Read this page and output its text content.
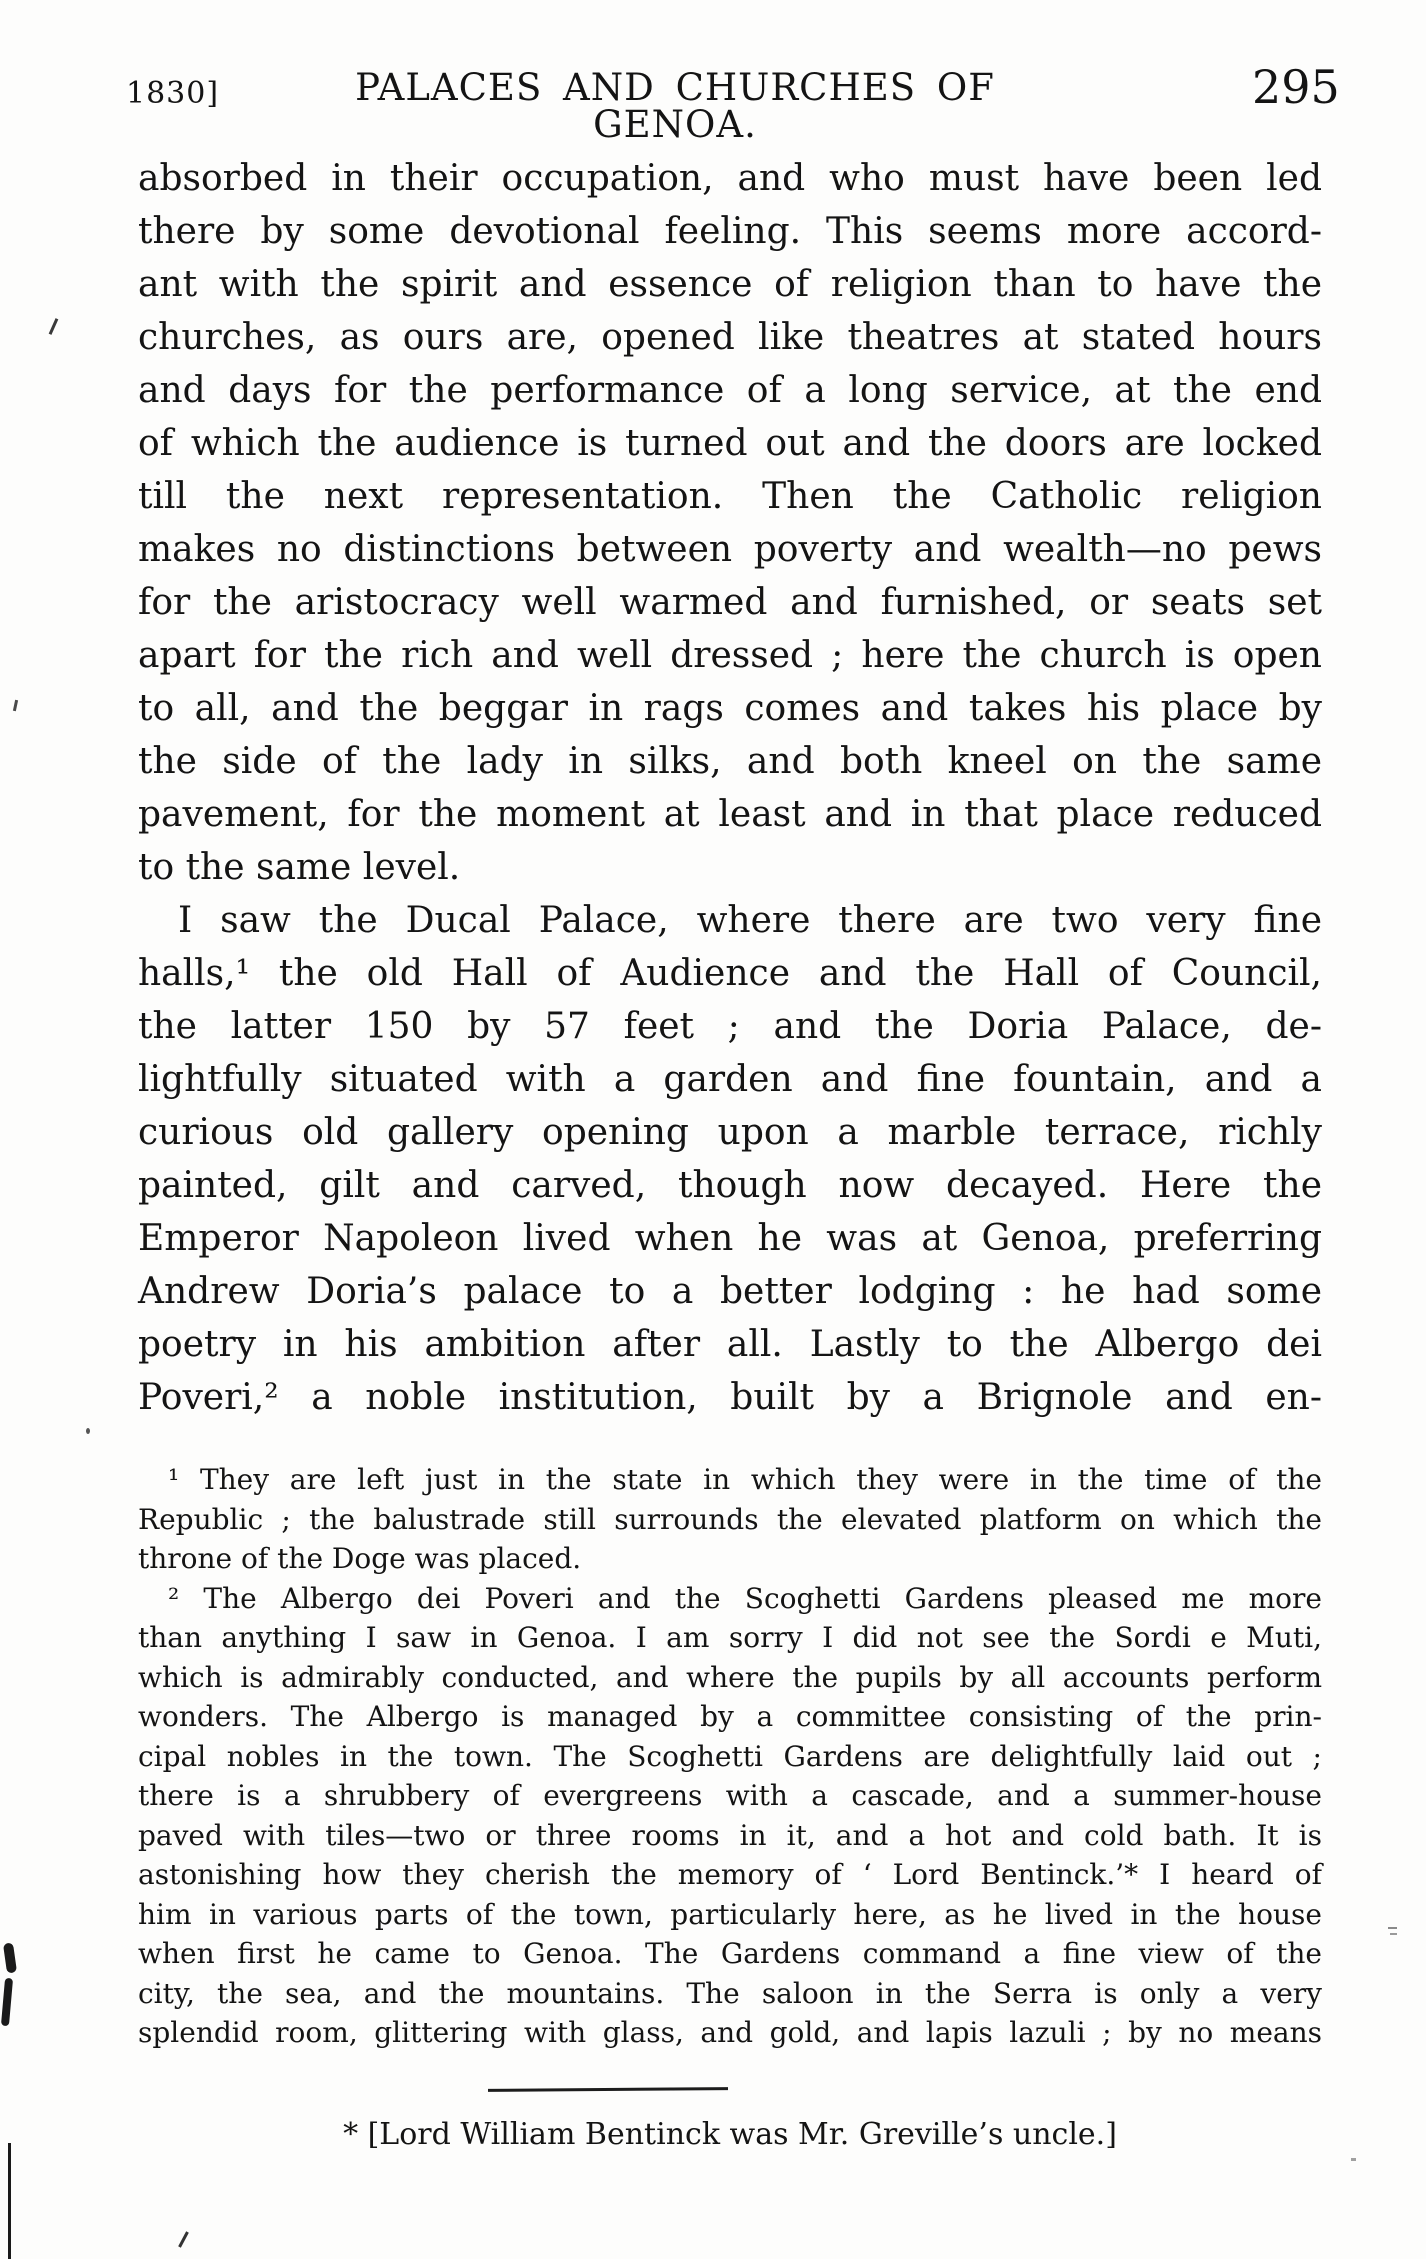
1830]	PALACES AND CHURCHES OF GENOA.
295
absorbed in their occupation, and who must have been led
there by some devotional feeling. This seems more accord-
ant with the spirit and essence of religion than to have the
churches, as ours are, opened like theatres at stated hours
and days for the performance of a long service, at the end
of which the audience is turned out and the doors are locked
till the next representation. Then the Catholic religion
makes no distinctions between poverty and wealth—no pews
for the aristocracy well warmed and furnished, or seats set
apart for the rich and well dressed ; here the church is open
to all, and the beggar in rags comes and takes his place by
the side of the lady in silks, and both kneel on the same
pavement, for the moment at least and in that place reduced
to the same level.
I saw the Ducal Palace, where there are two very fine
halls,¹ the old Hall of Audience and the Hall of Council,
the latter 150 by 57 feet ; and the Doria Palace, de-
lightfully situated with a garden and fine fountain, and a
curious old gallery opening upon a marble terrace, richly
painted, gilt and carved, though now decayed. Here the
Emperor Napoleon lived when he was at Genoa, preferring
Andrew Doria’s palace to a better lodging : he had some
poetry in his ambition after all. Lastly to the Albergo dei
Poveri,² a noble institution, built by a Brignole and en-
¹ They are left just in the state in which they were in the time of the
Republic ; the balustrade still surrounds the elevated platform on which the
throne of the Doge was placed.
² The Albergo dei Poveri and the Scoghetti Gardens pleased me more
than anything I saw in Genoa. I am sorry I did not see the Sordi e Muti,
which is admirably conducted, and where the pupils by all accounts perform
wonders. The Albergo is managed by a committee consisting of the prin-
cipal nobles in the town. The Scoghetti Gardens are delightfully laid out ;
there is a shrubbery of evergreens with a cascade, and a summer-house
paved with tiles—two or three rooms in it, and a hot and cold bath. It is
astonishing how they cherish the memory of ‘ Lord Bentinck.’* I heard of
him in various parts of the town, particularly here, as he lived in the house
when first he came to Genoa. The Gardens command a fine view of the
city, the sea, and the mountains. The saloon in the Serra is only a very
splendid room, glittering with glass, and gold, and lapis lazuli ; by no means
* [Lord William Bentinck was Mr. Greville’s uncle.]
